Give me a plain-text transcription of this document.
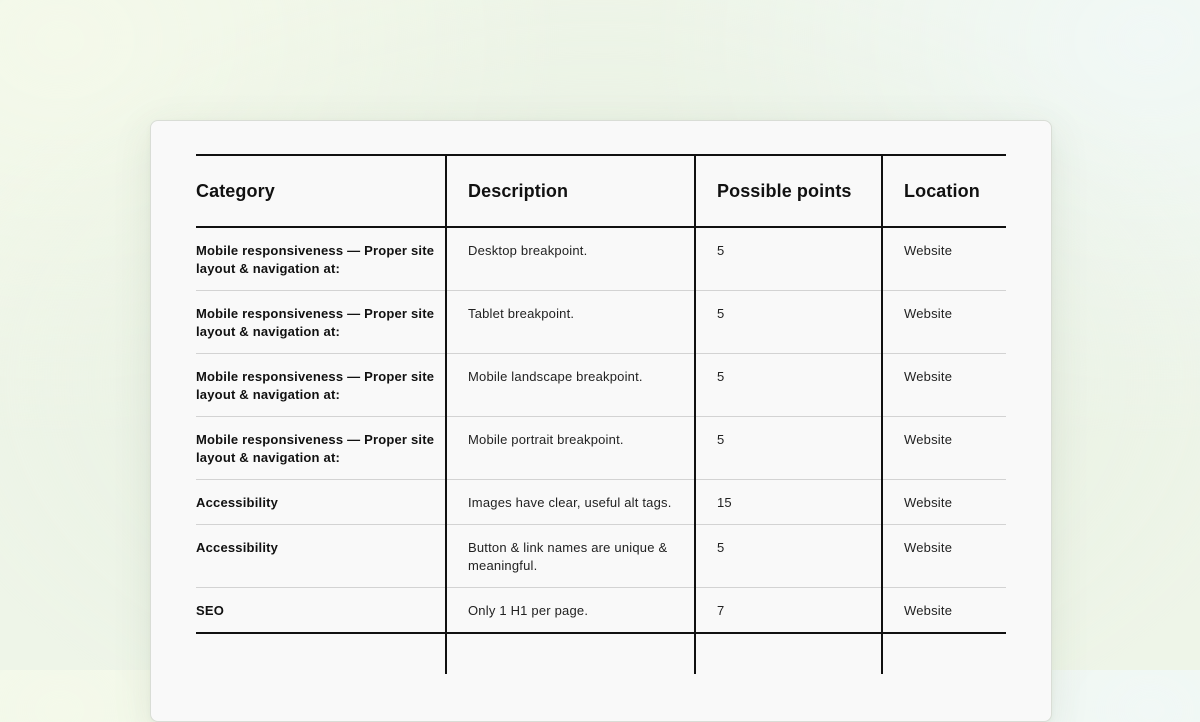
Category	Description	Possible points	Location
Mobile responsiveness — Proper site layout & navigation at:	Desktop breakpoint.	5	Website
Mobile responsiveness — Proper site layout & navigation at:	Tablet breakpoint.	5	Website
Mobile responsiveness — Proper site layout & navigation at:	Mobile landscape breakpoint.	5	Website
Mobile responsiveness — Proper site layout & navigation at:	Mobile portrait breakpoint.	5	Website
Accessibility	Images have clear, useful alt tags.	15	Website
Accessibility	Button & link names are unique & meaningful.	5	Website
SEO	Only 1 H1 per page.	7	Website
